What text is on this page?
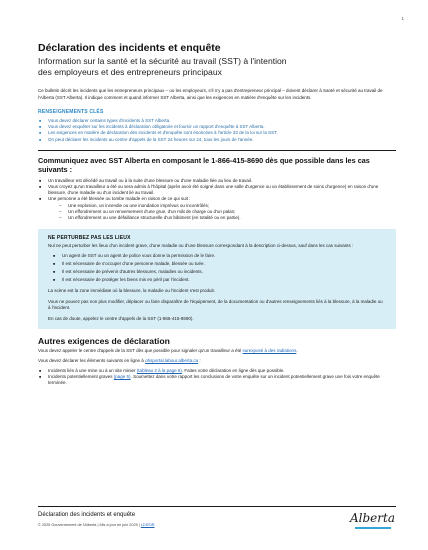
1
Déclaration des incidents et enquête

Information sur la santé et la sécurité au travail (SST) à l'intention
des employeurs et des entrepreneurs principaux

Ce bulletin décrit les incidents que les entrepreneurs principaux – ou les employeurs, s'il n'y a pas d'entrepreneur principal – doivent déclarer à Santé et sécurité au travail de l'Alberta (SST Alberta). Il indique comment et quand informer SST Alberta, ainsi que les exigences en matière d'enquête sur les incidents.

RENSEIGNEMENTS CLÉS
■ Vous devez déclarer certains types d'incidents à SST Alberta.
■ Vous devez enquêter sur les incidents à déclaration obligatoire et fournir un rapport d'enquête à SST Alberta.
■ Les exigences en matière de déclaration des incidents et d'enquête sont énoncées à l'article 33 de la loi sur la SST.
■ On peut déclarer les incidents au centre d'appels de la SST 24 heures sur 24, tous les jours de l'année.
Communiquez avec SST Alberta en composant le 1-866-415-8690 dès que possible dans les cas suivants :
■ Un travailleur est décédé au travail ou à la suite d'une blessure ou d'une maladie liée au lieu de travail.
■ Vous croyez qu'un travailleur a été ou sera admis à l'hôpital (après avoir été soigné dans une salle d'urgence ou un établissement de soins d'urgence) en raison d'une blessure, d'une maladie ou d'un incident lié au travail.
■ Une personne a été blessée ou tombe malade en raison de ce qui suit :
– Une explosion, un incendie ou une inondation imprévus ou incontrôlés;
– Un effondrement ou un renversement d'une grue, d'un mât de charge ou d'un palan;
– Un effondrement ou une défaillance structurelle d'un bâtiment (en totalité ou en partie).
NE PERTURBEZ PAS LES LIEUX

Nul ne peut perturber les lieux d'un incident grave, d'une maladie ou d'une blessure correspondant à la description ci-dessus, sauf dans les cas suivants :

■ Un agent de SST ou un agent de police vous donne la permission de le faire.
■ Il est nécessaire de s'occuper d'une personne malade, blessée ou tuée.
■ Il est nécessaire de prévenir d'autres blessures, maladies ou incidents.
■ Il est nécessaire de protéger les biens mis en péril par l'incident.

La scène est la zone immédiate où la blessure, la maladie ou l'incident s'est produit.

Vous ne pouvez pas non plus modifier, déplacer ou faire disparaître de l'équipement, de la documentation ou d'autres renseignements liés à la blessure, à la maladie ou à l'incident.

En cas de doute, appelez le centre d'appels de la SST (1-866-415-8690).

Autres exigences de déclaration

Vous devez appeler le centre d'appels de la SST dès que possible pour signaler qu'un travailleur a été surexposé à des radiations.

Vous devez déclarer les éléments suivants en ligne à ohsportal.labour.alberta.ca :

■ Incidents liés à une mine ou à un site minier (tableau 2 à la page 6). Faites votre déclaration en ligne dès que possible.
■ Incidents potentiellement graves (page 5). Soumettez dans votre rapport les conclusions de votre enquête sur un incident potentiellement grave une fois votre enquête terminée.

Déclaration des incidents et enquête

© 2025 Gouvernement de l'Alberta | Mis à jour en juin 2025 | LDSSIR	Alberta
